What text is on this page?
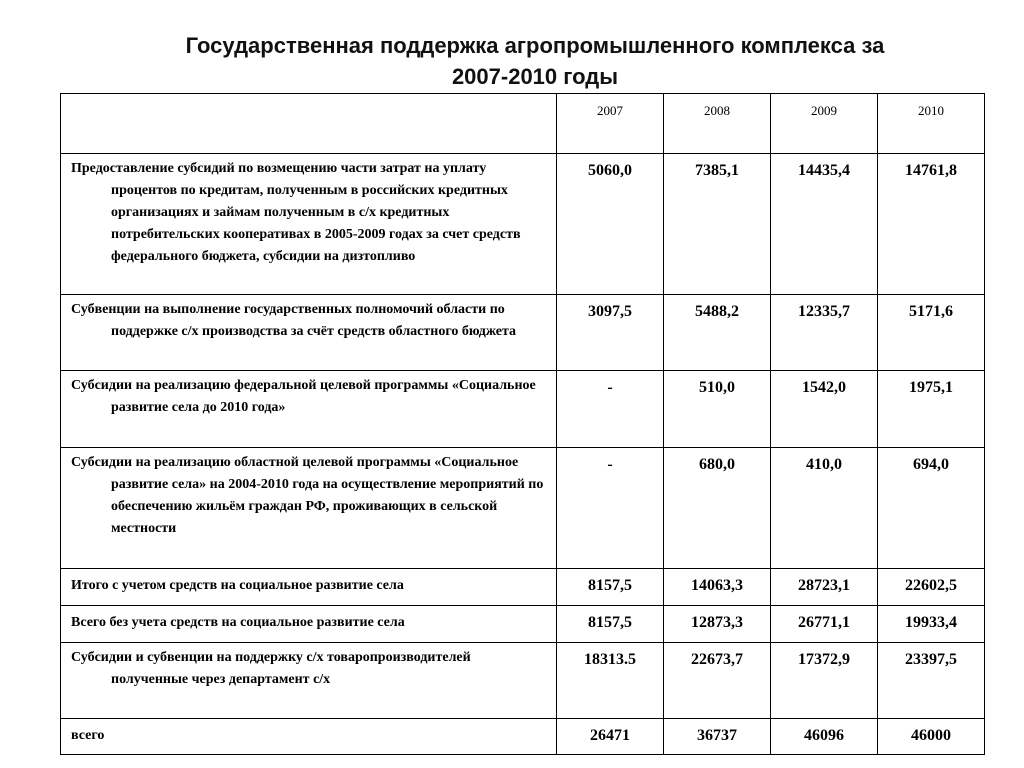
Государственная поддержка агропромышленного комплекса за
2007-2010 годы
	2007	2008	2009	2010

Предоставление субсидий по возмещению части затрат на уплату процентов по кредитам, полученным в российских кредитных организациях и займам полученным в с/х кредитных потребительских кооперативах в 2005-2009 годах за счет средств федерального бюджета, субсидии на дизтопливо	5060,0	7385,1	14435,4	14761,8

Субвенции на выполнение государственных полномочий области по поддержке с/х производства за счёт средств областного бюджета	3097,5	5488,2	12335,7	5171,6

Субсидии на реализацию федеральной целевой программы «Социальное развитие села до 2010 года»	-	510,0	1542,0	1975,1

Субсидии на реализацию областной целевой программы «Социальное развитие села» на 2004-2010 года на осуществление мероприятий по обеспечению жильём граждан РФ, проживающих в сельской местности	-	680,0	410,0	694,0

Итого с учетом средств на социальное развитие села	8157,5	14063,3	28723,1	22602,5

Всего без учета средств на социальное развитие села	8157,5	12873,3	26771,1	19933,4

Субсидии и субвенции на поддержку с/х товаропроизводителей полученные через департамент с/х	18313.5	22673,7	17372,9	23397,5

всего	26471	36737	46096	46000
